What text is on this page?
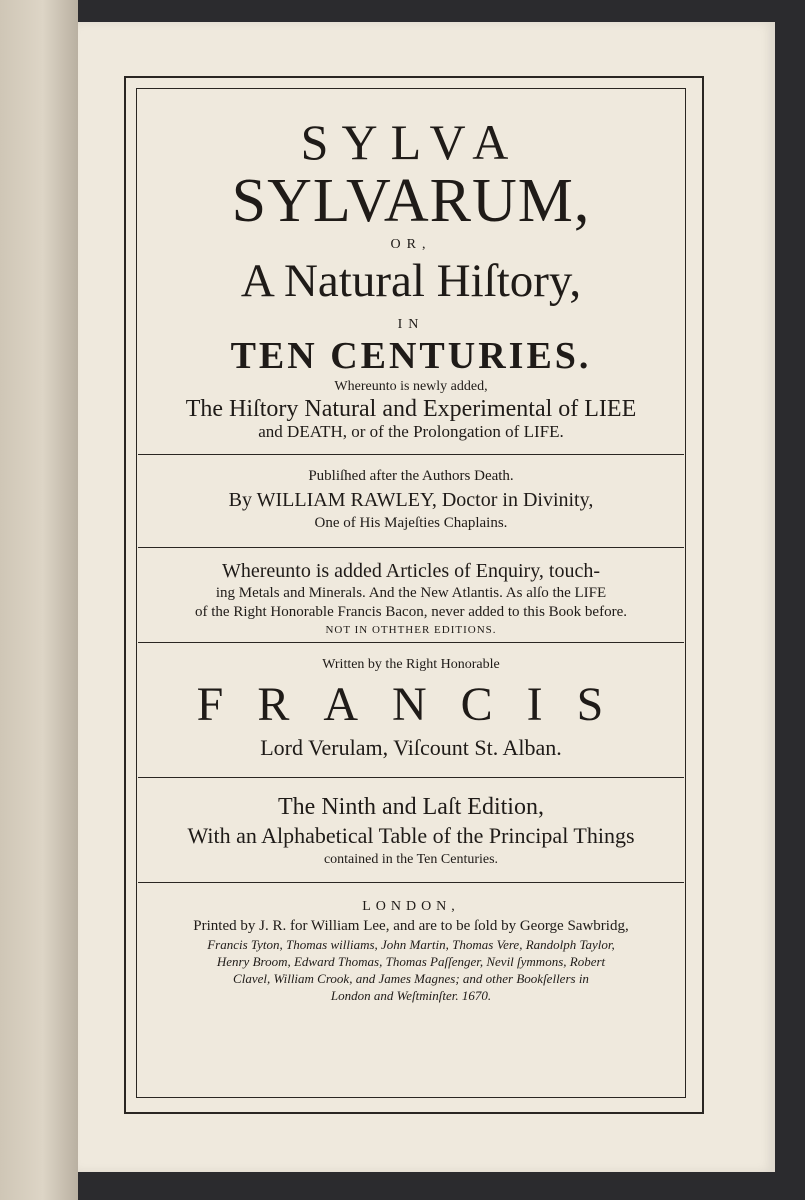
SYLVA
SYLVARUM,
OR,
A Natural Hiſtory,
IN
TEN CENTURIES.
Whereunto is newly added,
The Hiſtory Natural and Experimental of LIEE
and DEATH, or of the Prolongation of LIFE.
Publiſhed after the Authors Death.
By WILLIAM RAWLEY, Doctor in Divinity,
One of His Majeſties Chaplains.
Whereunto is added Articles of Enquiry, touch-
ing Metals and Minerals. And the New Atlantis. As alſo the LIFE
of the Right Honorable Francis Bacon, never added to this Book before.
NOT IN OTHTHER EDITIONS.
Written by the Right Honorable
FRANCIS
Lord Verulam, Viſcount St. Alban.
The Ninth and Laſt Edition,
With an Alphabetical Table of the Principal Things
contained in the Ten Centuries.
LONDON,
Printed by J. R. for William Lee, and are to be ſold by George Sawbridg,
Francis Tyton, Thomas williams, John Martin, Thomas Vere, Randolph Taylor,
Henry Broom, Edward Thomas, Thomas Paſſenger, Nevil ſymmons, Robert
Clavel, William Crook, and James Magnes; and other Bookſellers in
London and Weſtminſter. 1670.
